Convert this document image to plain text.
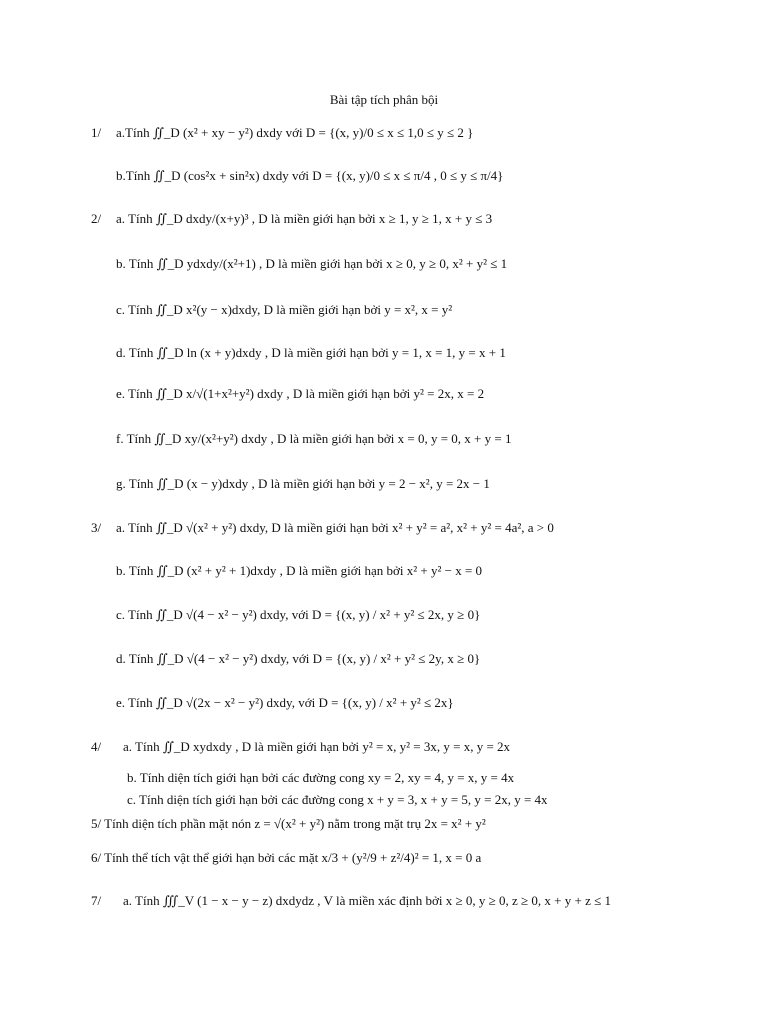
Bài tập tích phân bội
1/ a.Tính ∬_D (x² + xy − y²) dxdy với D = {(x, y)/0 ≤ x ≤ 1,0 ≤ y ≤ 2 }
b.Tính ∬_D (cos²x + sin²x) dxdy với D = {(x, y)/0 ≤ x ≤ π/4 , 0 ≤ y ≤ π/4}
2/ a. Tính ∬_D dxdy/(x+y)³ , D là miền giới hạn bởi x ≥ 1, y ≥ 1, x + y ≤ 3
b. Tính ∬_D ydxdy/(x²+1) , D là miền giới hạn bởi x ≥ 0, y ≥ 0, x² + y² ≤ 1
c. Tính ∬_D x²(y − x)dxdy, D là miền giới hạn bởi y = x², x = y²
d. Tính ∬_D ln (x + y)dxdy , D là miền giới hạn bởi y = 1, x = 1, y = x + 1
e. Tính ∬_D x/√(1+x²+y²) dxdy , D là miền giới hạn bởi y² = 2x, x = 2
f. Tính ∬_D xy/(x²+y²) dxdy , D là miền giới hạn bởi x = 0, y = 0, x + y = 1
g. Tính ∬_D (x − y)dxdy , D là miền giới hạn bởi y = 2 − x², y = 2x − 1
3/ a. Tính ∬_D √(x² + y²) dxdy, D là miền giới hạn bởi x² + y² = a², x² + y² = 4a², a > 0
b. Tính ∬_D (x² + y² + 1)dxdy , D là miền giới hạn bởi x² + y² − x = 0
c. Tính ∬_D √(4 − x² − y²) dxdy, với D = {(x, y) / x² + y² ≤ 2x, y ≥ 0}
d. Tính ∬_D √(4 − x² − y²) dxdy, với D = {(x, y) / x² + y² ≤ 2y, x ≥ 0}
e. Tính ∬_D √(2x − x² − y²) dxdy, với D = {(x, y) / x² + y² ≤ 2x}
4/ a. Tính ∬_D xydxdy , D là miền giới hạn bởi y² = x, y² = 3x, y = x, y = 2x
b. Tính diện tích giới hạn bởi các đường cong xy = 2, xy = 4, y = x, y = 4x
c. Tính diện tích giới hạn bởi các đường cong x + y = 3, x + y = 5, y = 2x, y = 4x
5/ Tính diện tích phần mặt nón z = √(x² + y²) nằm trong mặt trụ 2x = x² + y²
6/ Tính thể tích vật thể giới hạn bởi các mặt x/3 + (y²/9 + z²/4)² = 1, x = 0 a
7/ a. Tính ∭_V (1 − x − y − z) dxdydz , V là miền xác định bởi x ≥ 0, y ≥ 0, z ≥ 0, x + y + z ≤ 1
